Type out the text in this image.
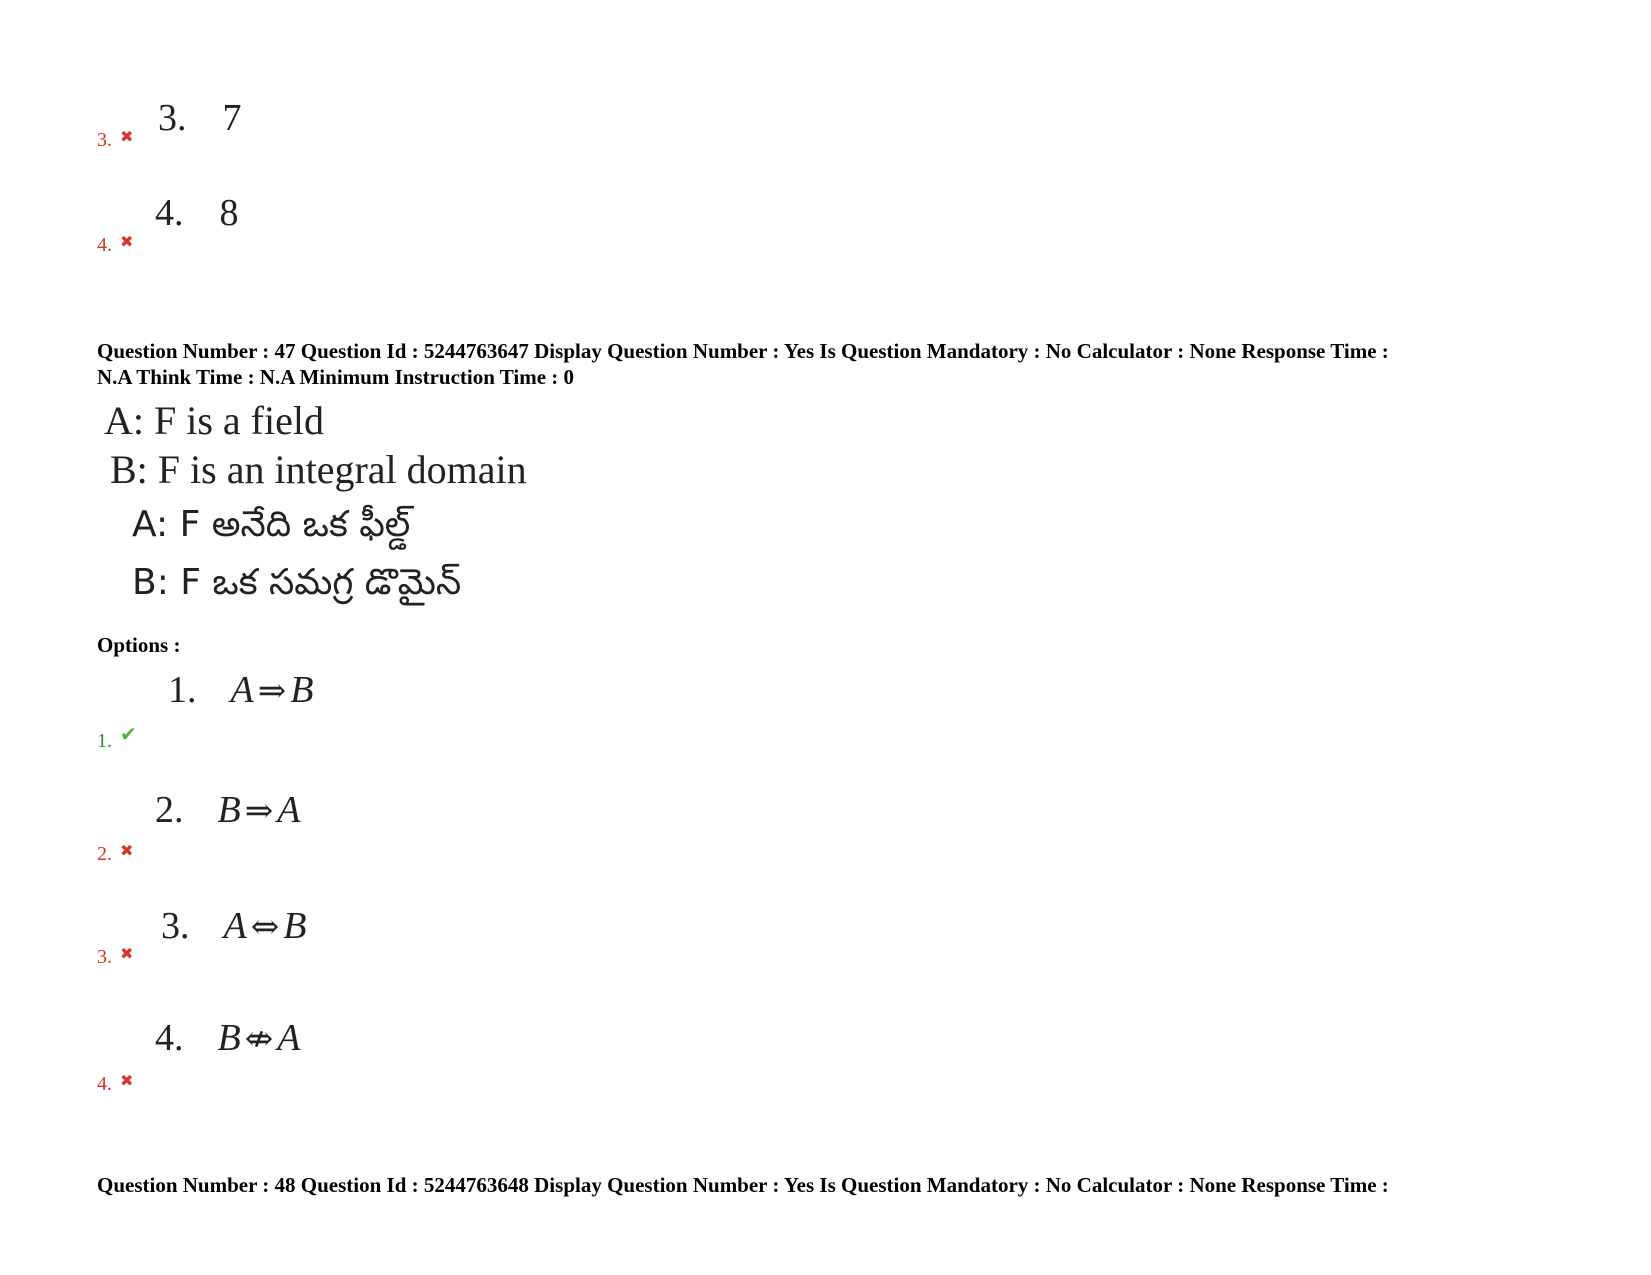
3. 7
3. ✖
4. 8
4. ✖
Question Number : 47 Question Id : 5244763647 Display Question Number : Yes Is Question Mandatory : No Calculator : None Response Time :
N.A Think Time : N.A Minimum Instruction Time : 0
A: F is a field
B: F is an integral domain
A: F అనేది ఒక ఫీల్డ్
B: F ఒక సమగ్ర డొమైన్
Options :
1. A ⇒ B
1. ✔
2. B ⇒ A
2. ✖
3. A ⇔ B
3. ✖
4. B ⇎ A
4. ✖
Question Number : 48 Question Id : 5244763648 Display Question Number : Yes Is Question Mandatory : No Calculator : None Response Time :
